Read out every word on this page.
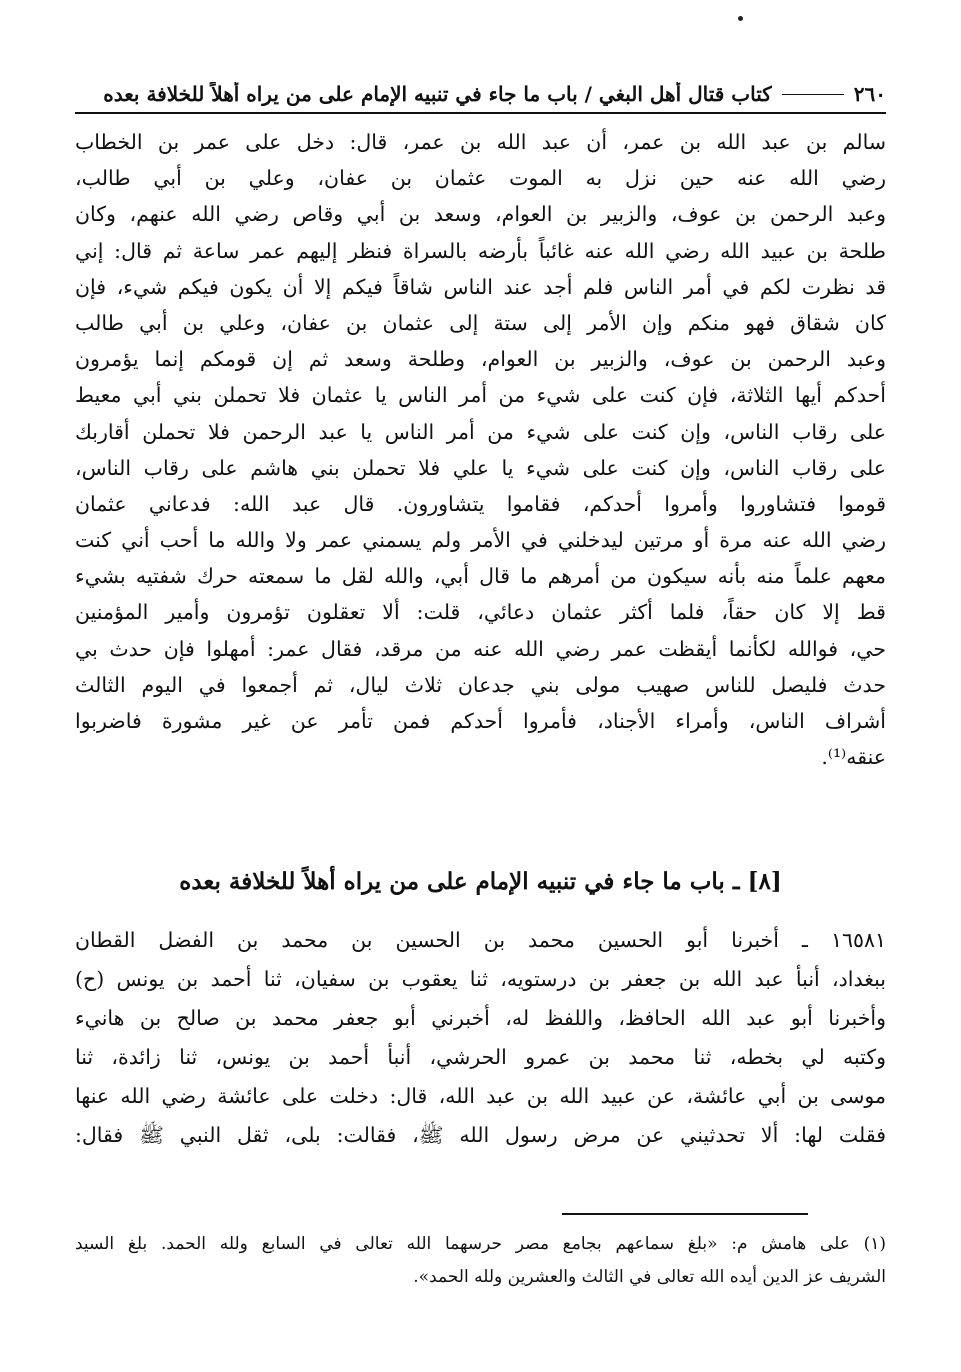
٢٦٠
كتاب قتال أهل البغي / باب ما جاء في تنبيه الإمام على من يراه أهلاً للخلافة بعده
سالم بن عبد الله بن عمر، أن عبد الله بن عمر، قال: دخل على عمر بن الخطاب
رضي الله عنه حين نزل به الموت عثمان بن عفان، وعلي بن أبي طالب،
وعبد الرحمن بن عوف، والزبير بن العوام، وسعد بن أبي وقاص رضي الله عنهم، وكان
طلحة بن عبيد الله رضي الله عنه غائباً بأرضه بالسراة فنظر إليهم عمر ساعة ثم قال: إني
قد نظرت لكم في أمر الناس فلم أجد عند الناس شاقاً فيكم إلا أن يكون فيكم شيء، فإن
كان شقاق فهو منكم وإن الأمر إلى ستة إلى عثمان بن عفان، وعلي بن أبي طالب
وعبد الرحمن بن عوف، والزبير بن العوام، وطلحة وسعد ثم إن قومكم إنما يؤمرون
أحدكم أيها الثلاثة، فإن كنت على شيء من أمر الناس يا عثمان فلا تحملن بني أبي معيط
على رقاب الناس، وإن كنت على شيء من أمر الناس يا عبد الرحمن فلا تحملن أقاربك
على رقاب الناس، وإن كنت على شيء يا علي فلا تحملن بني هاشم على رقاب الناس،
قوموا فتشاوروا وأمروا أحدكم، فقاموا يتشاورون. قال عبد الله: فدعاني عثمان
رضي الله عنه مرة أو مرتين ليدخلني في الأمر ولم يسمني عمر ولا والله ما أحب أني كنت
معهم علماً منه بأنه سيكون من أمرهم ما قال أبي، والله لقل ما سمعته حرك شفتيه بشيء
قط إلا كان حقاً، فلما أكثر عثمان دعائي، قلت: ألا تعقلون تؤمرون وأمير المؤمنين
حي، فوالله لكأنما أيقظت عمر رضي الله عنه من مرقد، فقال عمر: أمهلوا فإن حدث بي
حدث فليصل للناس صهيب مولى بني جدعان ثلاث ليال، ثم أجمعوا في اليوم الثالث
أشراف الناس، وأمراء الأجناد، فأمروا أحدكم فمن تأمر عن غير مشورة فاضربوا
عنقه⁽¹⁾.
[٨] ـ باب ما جاء في تنبيه الإمام على من يراه أهلاً للخلافة بعده
١٦٥٨١ ـ أخبرنا أبو الحسين محمد بن الحسين بن محمد بن الفضل القطان
ببغداد، أنبأ عبد الله بن جعفر بن درستويه، ثنا يعقوب بن سفيان، ثنا أحمد بن يونس (ح)
وأخبرنا أبو عبد الله الحافظ، واللفظ له، أخبرني أبو جعفر محمد بن صالح بن هانيء
وكتبه لي بخطه، ثنا محمد بن عمرو الحرشي، أنبأ أحمد بن يونس، ثنا زائدة، ثنا
موسى بن أبي عائشة، عن عبيد الله بن عبد الله، قال: دخلت على عائشة رضي الله عنها
فقلت لها: ألا تحدثيني عن مرض رسول الله ﷺ، فقالت: بلى، ثقل النبي ﷺ فقال:
(١) على هامش م: «بلغ سماعهم بجامع مصر حرسهما الله تعالى في السابع ولله الحمد. بلغ السيد
الشريف عز الدين أيده الله تعالى في الثالث والعشرين ولله الحمد».
